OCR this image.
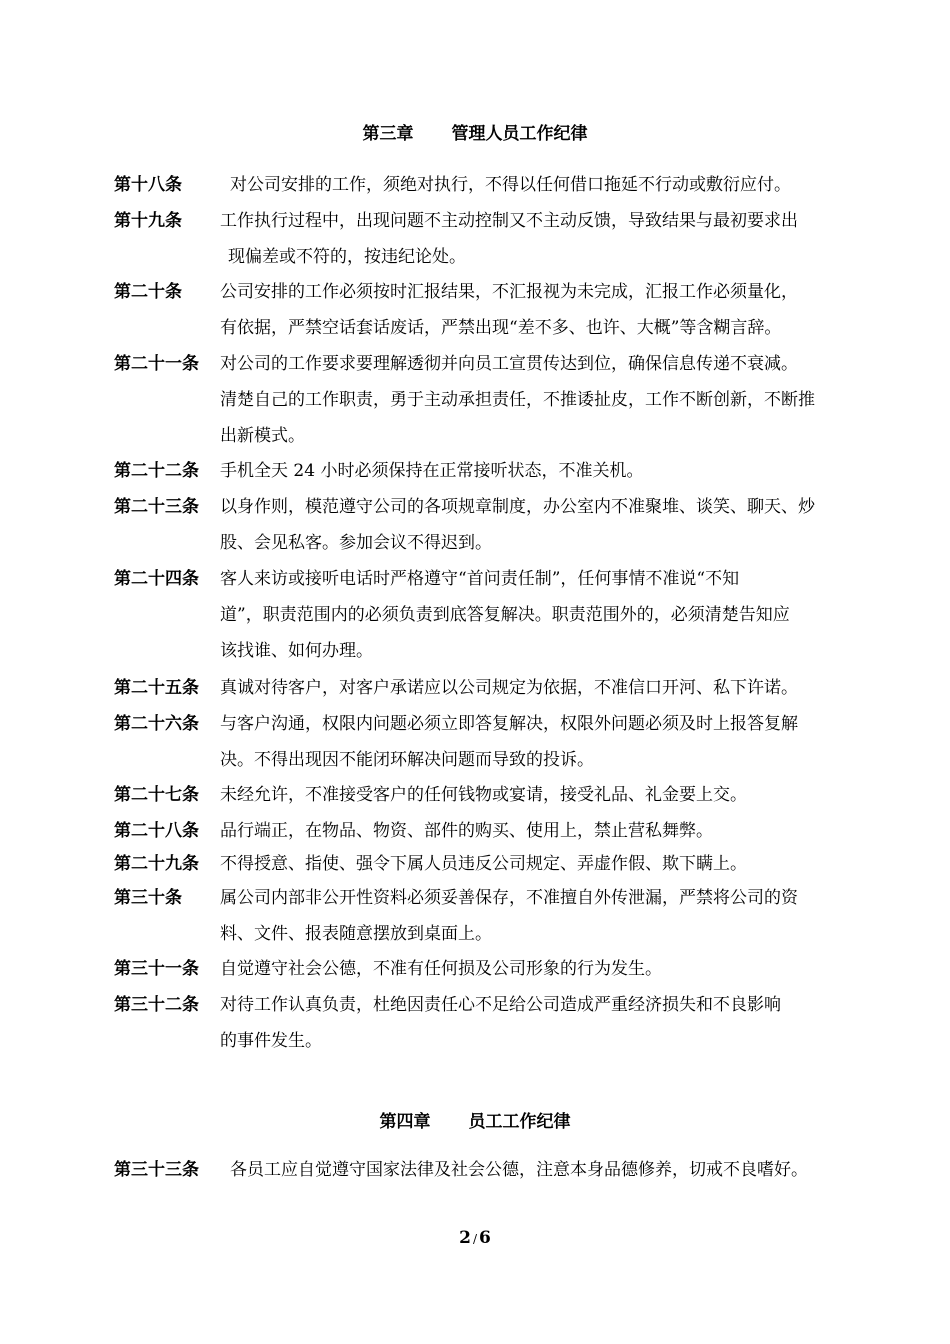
第三章 管理人员工作纪律
第十八条	对公司安排的工作，须绝对执行，不得以任何借口拖延不行动或敷衍应付。
第十九条 工作执行过程中，出现问题不主动控制又不主动反馈，导致结果与最初要求出
现偏差或不符的，按违纪论处。
第二十条 公司安排的工作必须按时汇报结果，不汇报视为未完成，汇报工作必须量化，
有依据，严禁空话套话废话，严禁出现“差不多、也许、大概”等含糊言辞。
第二十一条 对公司的工作要求要理解透彻并向员工宣贯传达到位，确保信息传递不衰减。
清楚自己的工作职责，勇于主动承担责任，不推诿扯皮，工作不断创新，不断推
出新模式。
第二十二条 手机全天 24 小时必须保持在正常接听状态，不准关机。
第二十三条 以身作则，模范遵守公司的各项规章制度，办公室内不准聚堆、谈笑、聊天、炒
股、会见私客。参加会议不得迟到。
第二十四条 客人来访或接听电话时严格遵守“首问责任制”，任何事情不准说“不知
道”，职责范围内的必须负责到底答复解决。职责范围外的，必须清楚告知应
该找谁、如何办理。
第二十五条 真诚对待客户，对客户承诺应以公司规定为依据，不准信口开河、私下许诺。
第二十六条 与客户沟通，权限内问题必须立即答复解决，权限外问题必须及时上报答复解
决。不得出现因不能闭环解决问题而导致的投诉。
第二十七条 未经允许，不准接受客户的任何钱物或宴请，接受礼品、礼金要上交。
第二十八条 品行端正，在物品、物资、部件的购买、使用上，禁止营私舞弊。
第二十九条 不得授意、指使、强令下属人员违反公司规定、弄虚作假、欺下瞒上。
第三十条 属公司内部非公开性资料必须妥善保存，不准擅自外传泄漏，严禁将公司的资
料、文件、报表随意摆放到桌面上。
第三十一条 自觉遵守社会公德，不准有任何损及公司形象的行为发生。
第三十二条 对待工作认真负责，杜绝因责任心不足给公司造成严重经济损失和不良影响
的事件发生。
第四章 员工工作纪律
第三十三条 各员工应自觉遵守国家法律及社会公德，注意本身品德修养，切戒不良嗜好。
2 / 6
